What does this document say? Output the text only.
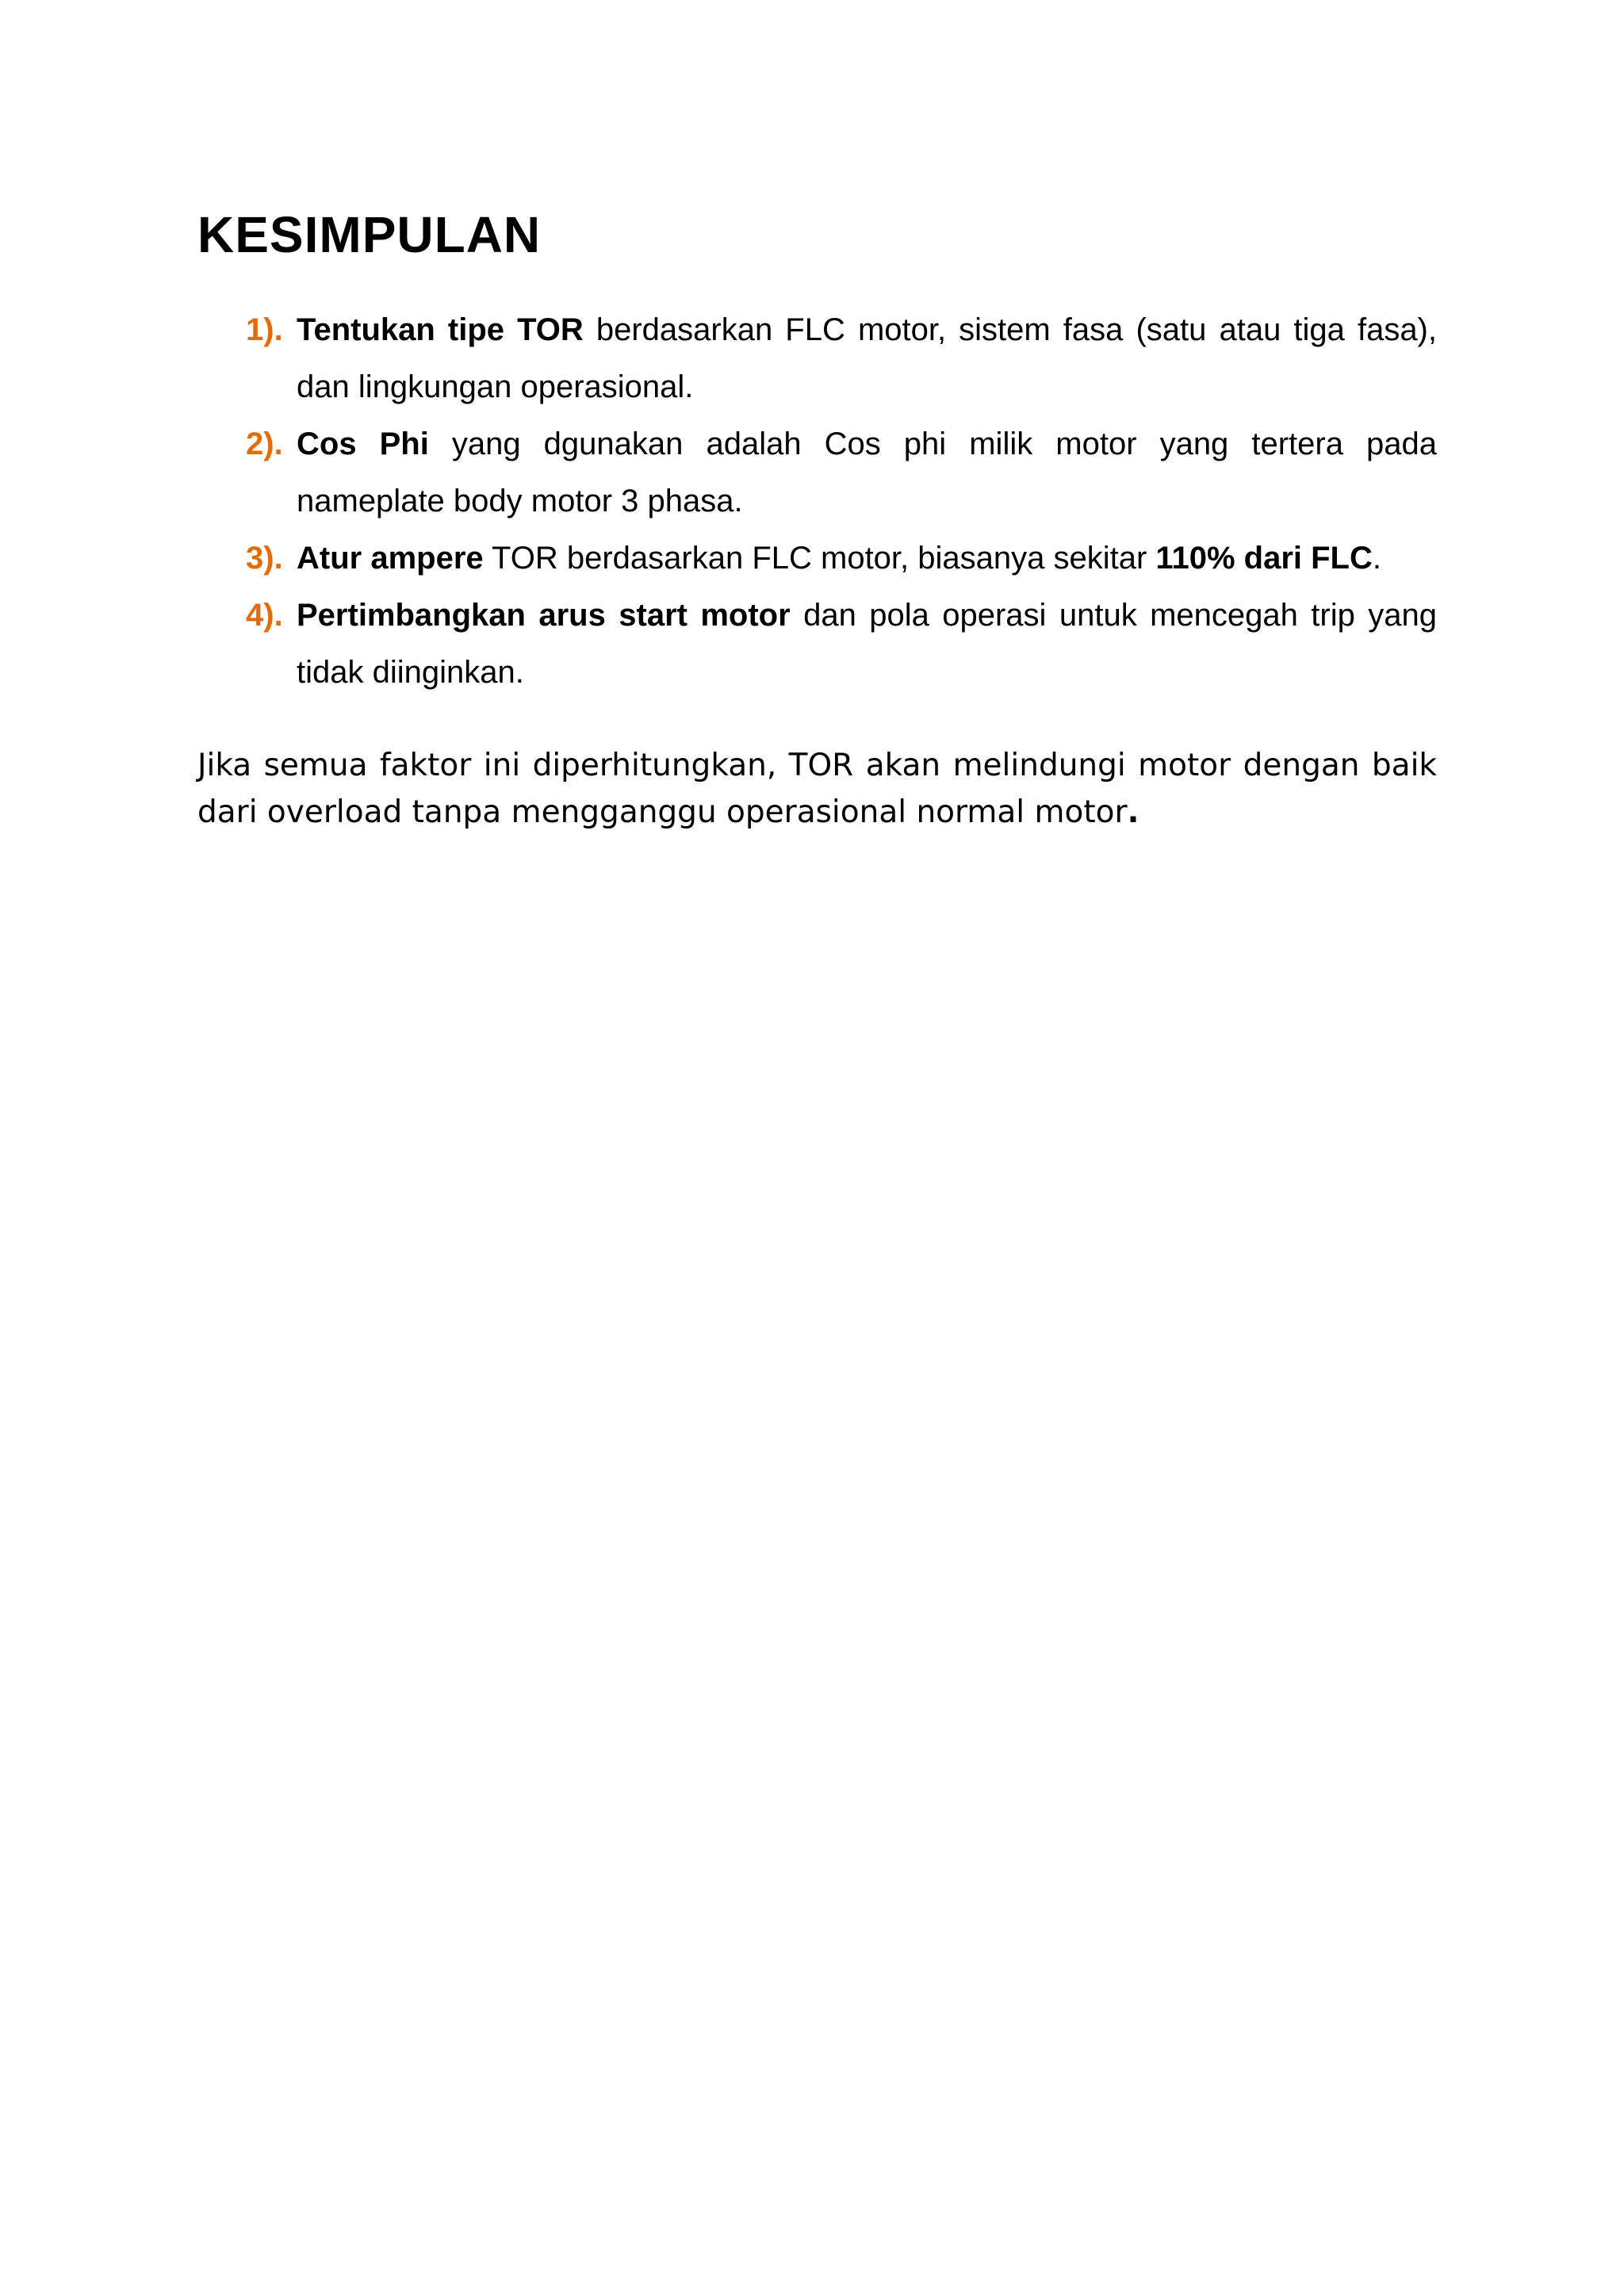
KESIMPULAN
1). Tentukan tipe TOR berdasarkan FLC motor, sistem fasa (satu atau tiga fasa), dan lingkungan operasional.
2). Cos Phi yang dgunakan adalah Cos phi milik motor yang tertera pada nameplate body motor 3 phasa.
3). Atur ampere TOR berdasarkan FLC motor, biasanya sekitar 110% dari FLC.
4). Pertimbangkan arus start motor dan pola operasi untuk mencegah trip yang tidak diinginkan.

Jika semua faktor ini diperhitungkan, TOR akan melindungi motor dengan baik dari overload tanpa mengganggu operasional normal motor.
